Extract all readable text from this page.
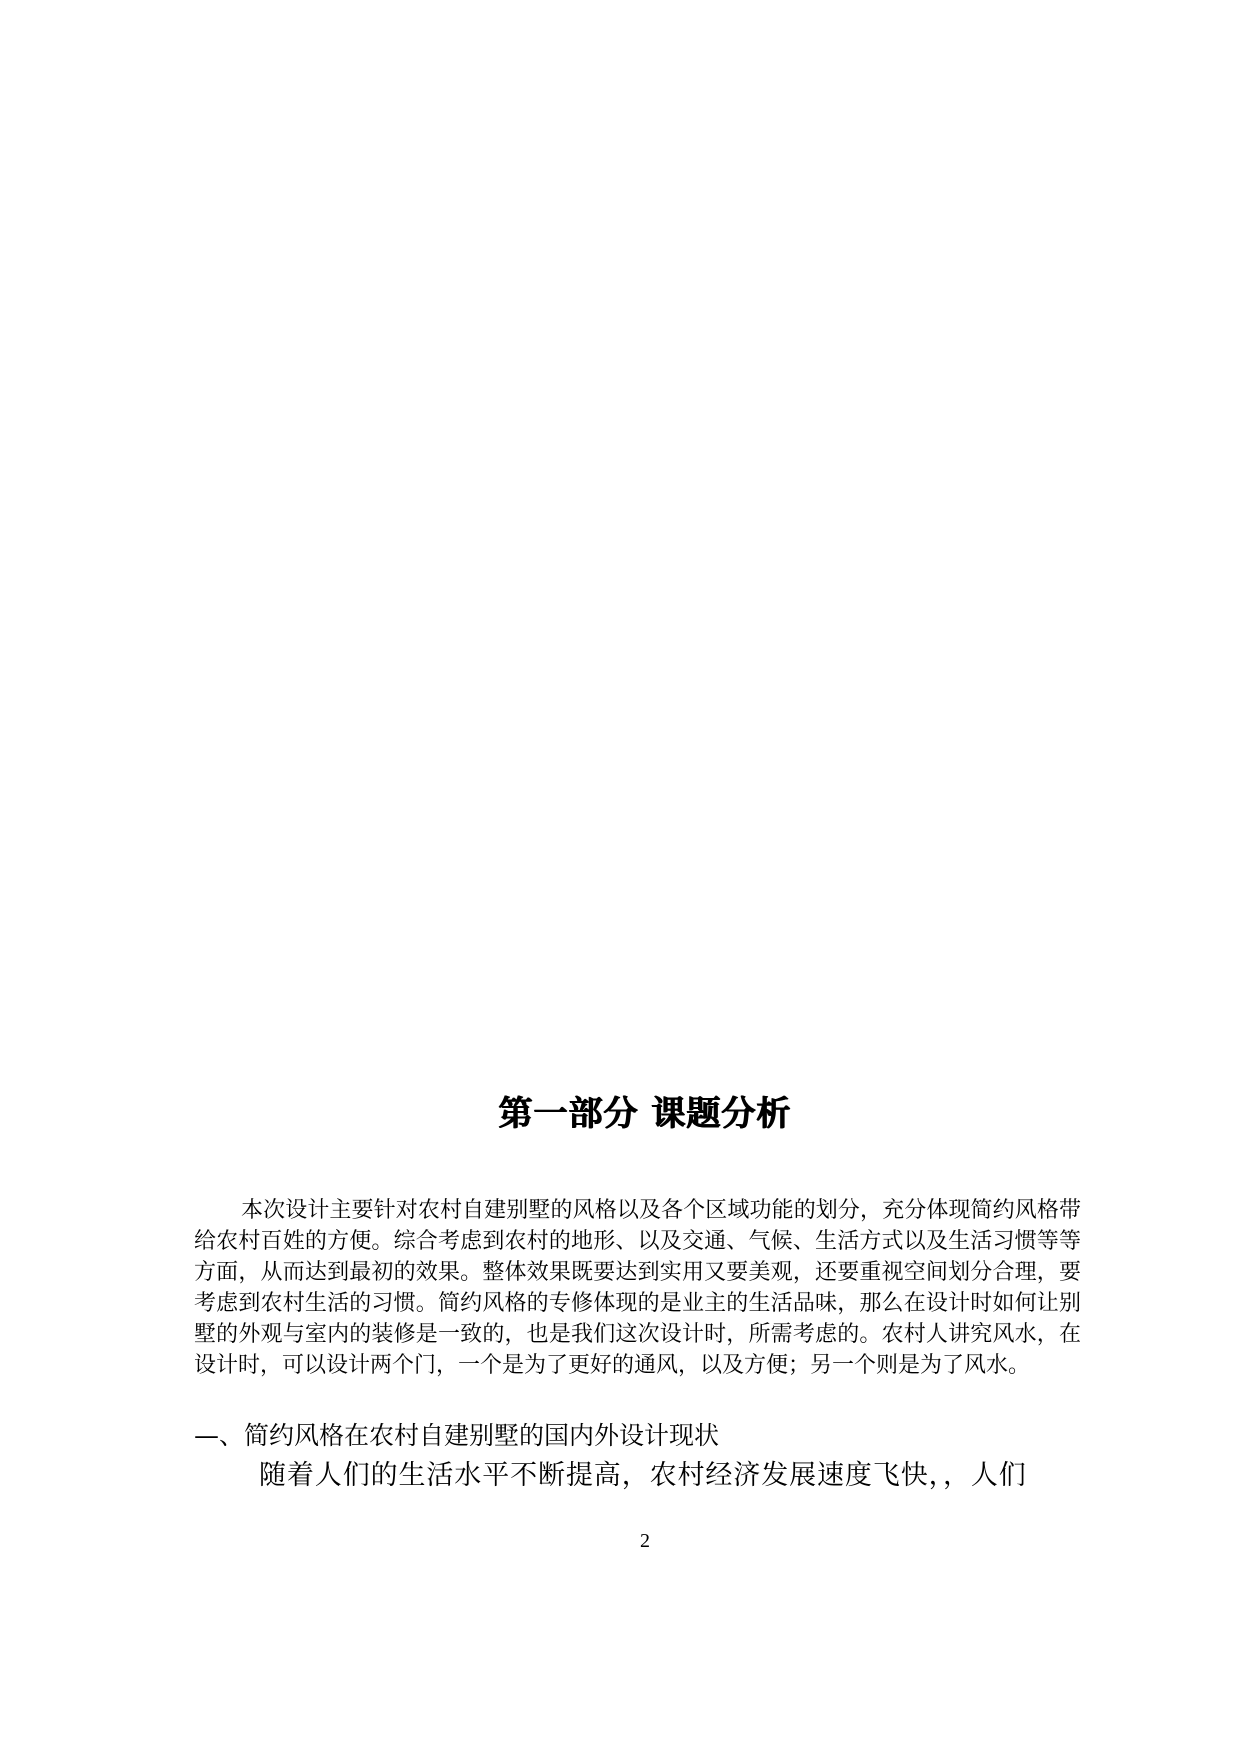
第一部分 课题分析

本次设计主要针对农村自建别墅的风格以及各个区域功能的划分，充分体现简约风格带给农村百姓的方便。综合考虑到农村的地形、以及交通、气候、生活方式以及生活习惯等等方面，从而达到最初的效果。整体效果既要达到实用又要美观，还要重视空间划分合理，要考虑到农村生活的习惯。简约风格的专修体现的是业主的生活品味，那么在设计时如何让别墅的外观与室内的装修是一致的，也是我们这次设计时，所需考虑的。农村人讲究风水，在设计时，可以设计两个门，一个是为了更好的通风，以及方便；另一个则是为了风水。

—、简约风格在农村自建别墅的国内外设计现状

随着人们的生活水平不断提高，农村经济发展速度飞快，，人们

2
